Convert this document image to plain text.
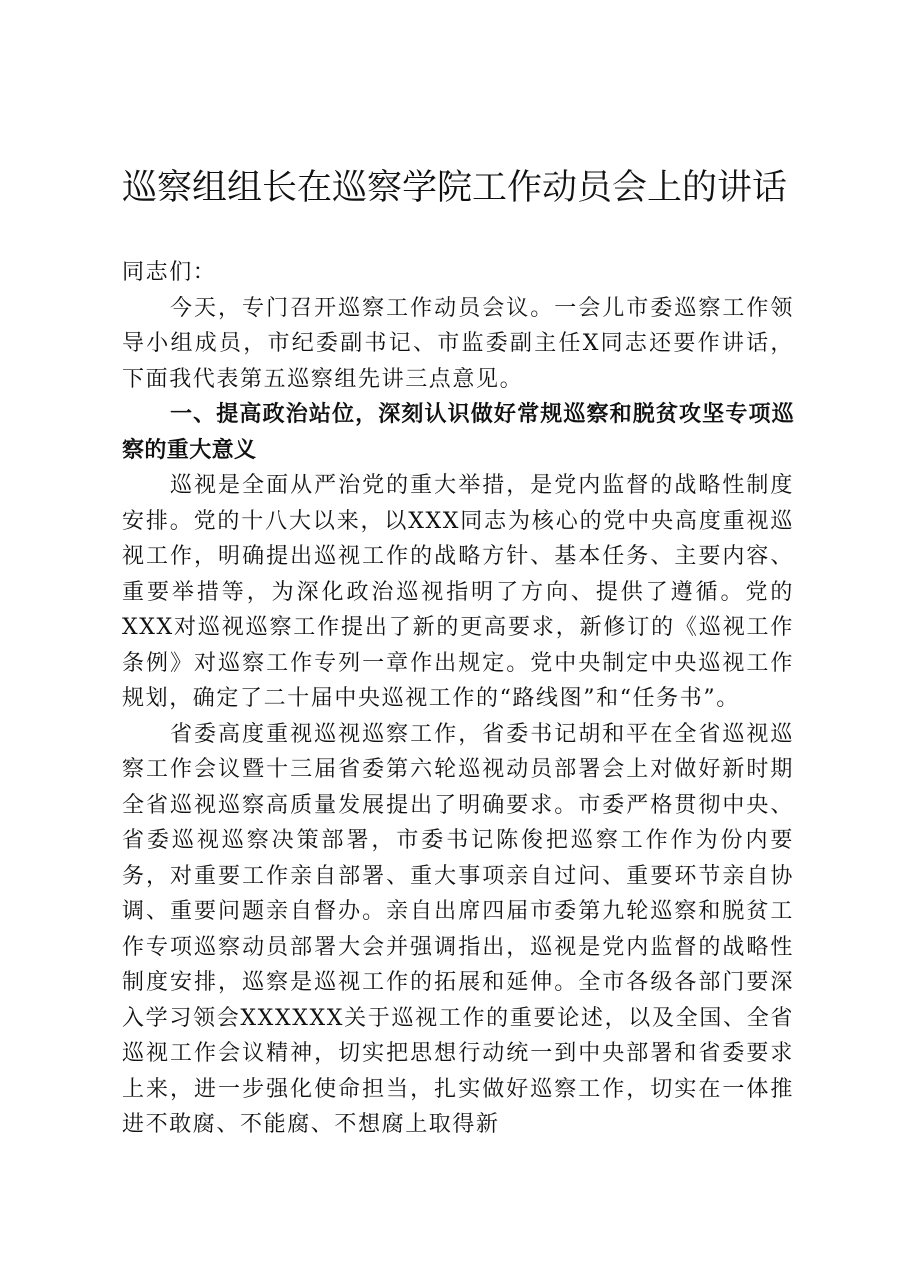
巡察组组长在巡察学院工作动员会上的讲话

同志们：

今天，专门召开巡察工作动员会议。一会儿市委巡察工作领导小组成员，市纪委副书记、市监委副主任X同志还要作讲话，下面我代表第五巡察组先讲三点意见。

一、提高政治站位，深刻认识做好常规巡察和脱贫攻坚专项巡察的重大意义

巡视是全面从严治党的重大举措，是党内监督的战略性制度安排。党的十八大以来，以XXX同志为核心的党中央高度重视巡视工作，明确提出巡视工作的战略方针、基本任务、主要内容、重要举措等，为深化政治巡视指明了方向、提供了遵循。党的XXX对巡视巡察工作提出了新的更高要求，新修订的《巡视工作条例》对巡察工作专列一章作出规定。党中央制定中央巡视工作规划，确定了二十届中央巡视工作的“路线图”和“任务书”。

省委高度重视巡视巡察工作，省委书记胡和平在全省巡视巡察工作会议暨十三届省委第六轮巡视动员部署会上对做好新时期全省巡视巡察高质量发展提出了明确要求。市委严格贯彻中央、省委巡视巡察决策部署，市委书记陈俊把巡察工作作为份内要务，对重要工作亲自部署、重大事项亲自过问、重要环节亲自协调、重要问题亲自督办。亲自出席四届市委第九轮巡察和脱贫工作专项巡察动员部署大会并强调指出，巡视是党内监督的战略性制度安排，巡察是巡视工作的拓展和延伸。全市各级各部门要深入学习领会XXXXXX关于巡视工作的重要论述，以及全国、全省巡视工作会议精神，切实把思想行动统一到中央部署和省委要求上来，进一步强化使命担当，扎实做好巡察工作，切实在一体推进不敢腐、不能腐、不想腐上取得新
